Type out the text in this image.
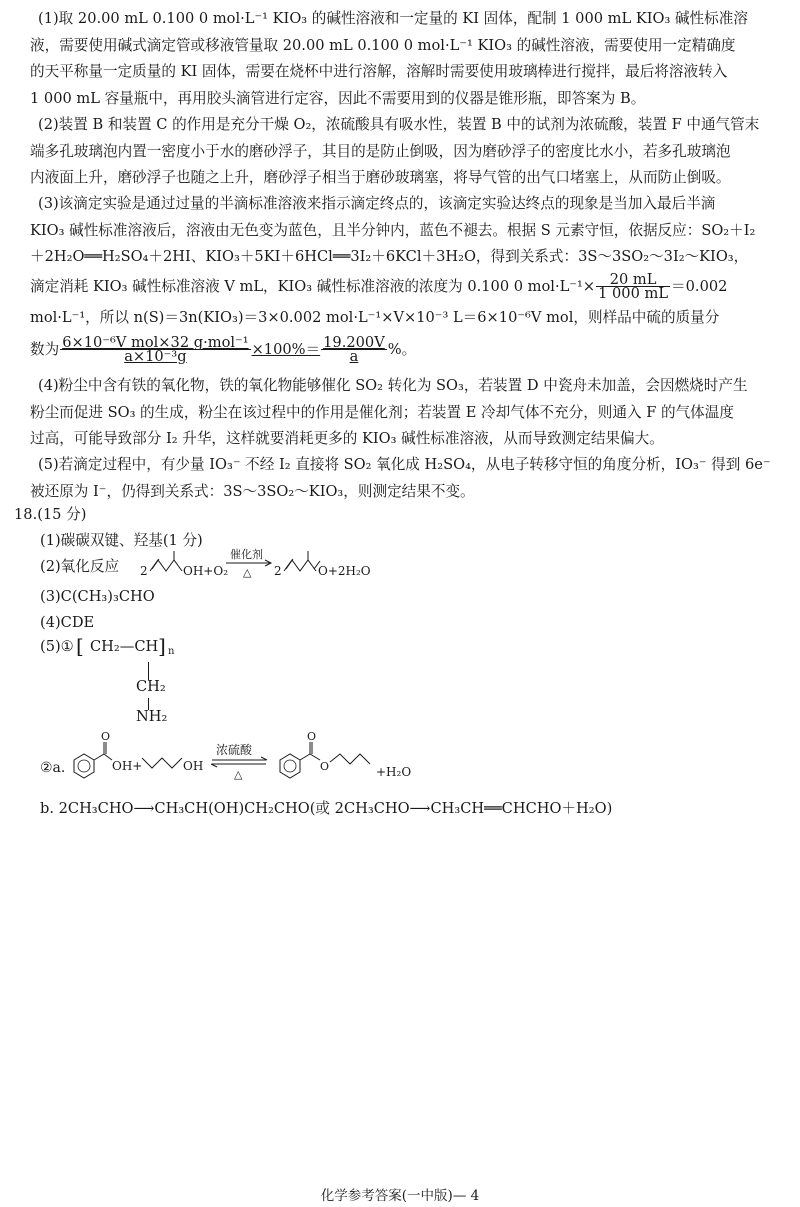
(1)取 20.00 mL 0.100 0 mol·L⁻¹ KIO₃ 的碱性溶液和一定量的 KI 固体，配制 1 000 mL KIO₃ 碱性标准溶
液，需要使用碱式滴定管或移液管量取 20.00 mL 0.100 0 mol·L⁻¹ KIO₃ 的碱性溶液，需要使用一定精确度
的天平称量一定质量的 KI 固体，需要在烧杯中进行溶解，溶解时需要使用玻璃棒进行搅拌，最后将溶液转入
1 000 mL 容量瓶中，再用胶头滴管进行定容，因此不需要用到的仪器是锥形瓶，即答案为 B。
(2)装置 B 和装置 C 的作用是充分干燥 O₂，浓硫酸具有吸水性，装置 B 中的试剂为浓硫酸，装置 F 中通气管末
端多孔玻璃泡内置一密度小于水的磨砂浮子，其目的是防止倒吸，因为磨砂浮子的密度比水小，若多孔玻璃泡
内液面上升，磨砂浮子也随之上升，磨砂浮子相当于磨砂玻璃塞，将导气管的出气口堵塞上，从而防止倒吸。
(3)该滴定实验是通过过量的半滴标准溶液来指示滴定终点的，该滴定实验达终点的现象是当加入最后半滴
KIO₃ 碱性标准溶液后，溶液由无色变为蓝色，且半分钟内，蓝色不褪去。根据 S 元素守恒，依据反应：SO₂＋I₂
＋2H₂O══H₂SO₄＋2HI、KIO₃＋5KI＋6HCl══3I₂＋6KCl＋3H₂O，得到关系式：3S～3SO₂～3I₂～KIO₃，
滴定消耗 KIO₃ 碱性标准溶液 V mL，KIO₃ 碱性标准溶液的浓度为 0.100 0 $mol\cdot L^{-1}\times \frac{20 mL}{1 000 mL} =0.002$
mol·L⁻¹，所以 n(S)＝3n(KIO₃)＝3×0.002 mol·L⁻¹×V×10⁻³ L＝6×10⁻⁶V mol，则样品中硫的质量分
数为 $\frac{\text{6×10⁻⁶V mol×32 g·mol⁻¹}}{\text{a×10⁻³g}} \times 100\%= \frac{19.200V}{a}$ %。
(4)粉尘中含有铁的氧化物，铁的氧化物能够催化 SO₂ 转化为 SO₃，若装置 D 中瓷舟未加盖，会因燃烧时产生
粉尘而促进 SO₃ 的生成，粉尘在该过程中的作用是催化剂；若装置 E 冷却气体不充分，则通入 F 的气体温度
过高，可能导致部分 I₂ 升华，这样就要消耗更多的 KIO₃ 碱性标准溶液，从而导致测定结果偏大。
(5)若滴定过程中，有少量 IO₃⁻ 不经 I₂ 直接将 SO₂ 氧化成 H₂SO₄，从电子转移守恒的角度分析，IO₃⁻ 得到 6e⁻
被还原为 I⁻，仍得到关系式：3S～3SO₂～KIO₃，则测定结果不变。
18.(15 分)
(1)碳碳双键、羟基(1 分)
(2)氧化反应	2	OH+O₂
催化剂
△ 2	O+2H₂O
(3)C(CH₃)₃CHO
(4)CDE
(5)① [ CH₂—CH ] n
CH₂
NH₂
②a.
O
OH+	OH
浓硫酸
△
O
O	+H₂O
b. 2CH₃CHO⟶CH₃CH(OH)CH₂CHO(或 2CH₃CHO⟶CH₃CH══CHCHO＋H₂O)
化学参考答案(一中版)— 4
